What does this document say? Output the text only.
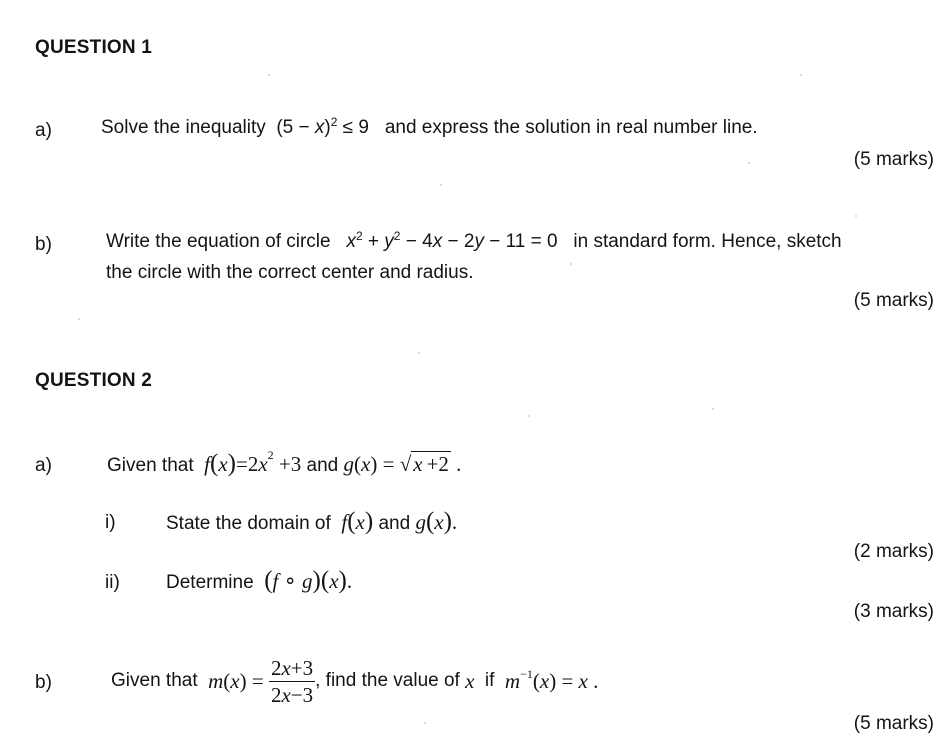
QUESTION 1
a)	Solve the inequality  $(5 - x)^2 \le 9$   and express the solution in real number line.
(5 marks)
b)	Write the equation of circle $x^2 + y^2 - 4x - 2y - 11 = 0$   in standard form. Hence, sketch
the circle with the correct center and radius.
(5 marks)
QUESTION 2
a)	Given that $f(x)=2x^2 +3$ and g(x) = √x +2 .
i)	State the domain of f(x) and g(x).
(2 marks)
ii) Determine (f ∘ g)(x).
(3 marks)
b)	Given that $m(x) = \frac{2x+3}{2x-3}$ , find the value of x if $m^{-1}(x) = x$ .
(5 marks)
